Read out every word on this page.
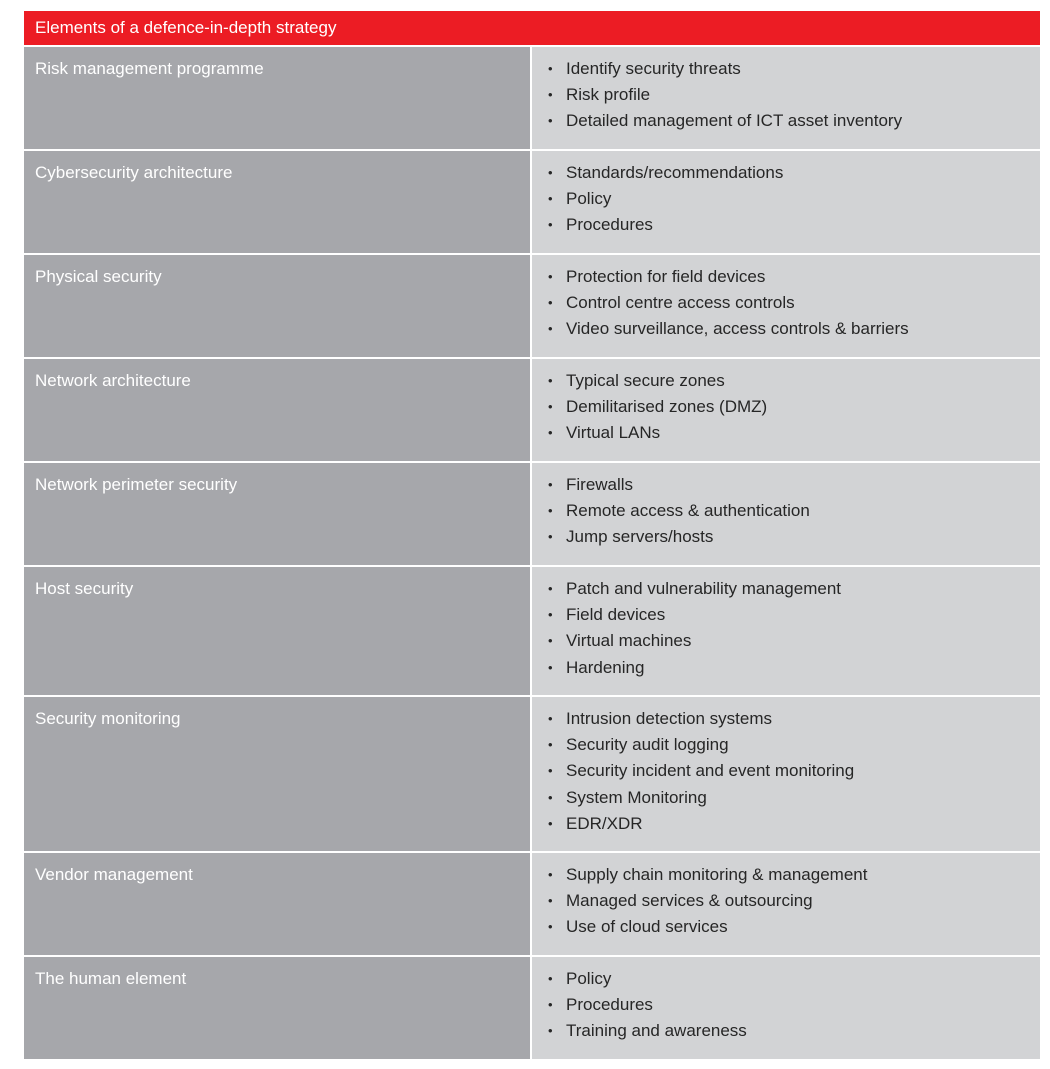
Elements of a defence-in-depth strategy
Risk management programme	• Identify security threats
• Risk profile
• Detailed management of ICT asset inventory
Cybersecurity architecture	• Standards/recommendations
• Policy
• Procedures
Physical security	• Protection for field devices
• Control centre access controls
• Video surveillance, access controls & barriers
Network architecture	• Typical secure zones
• Demilitarised zones (DMZ)
• Virtual LANs
Network perimeter security	• Firewalls
• Remote access & authentication
• Jump servers/hosts
Host security	• Patch and vulnerability management
• Field devices
• Virtual machines
• Hardening
Security monitoring	• Intrusion detection systems
• Security audit logging
• Security incident and event monitoring
• System Monitoring
• EDR/XDR
Vendor management	• Supply chain monitoring & management
• Managed services & outsourcing
• Use of cloud services
The human element	• Policy
• Procedures
• Training and awareness
